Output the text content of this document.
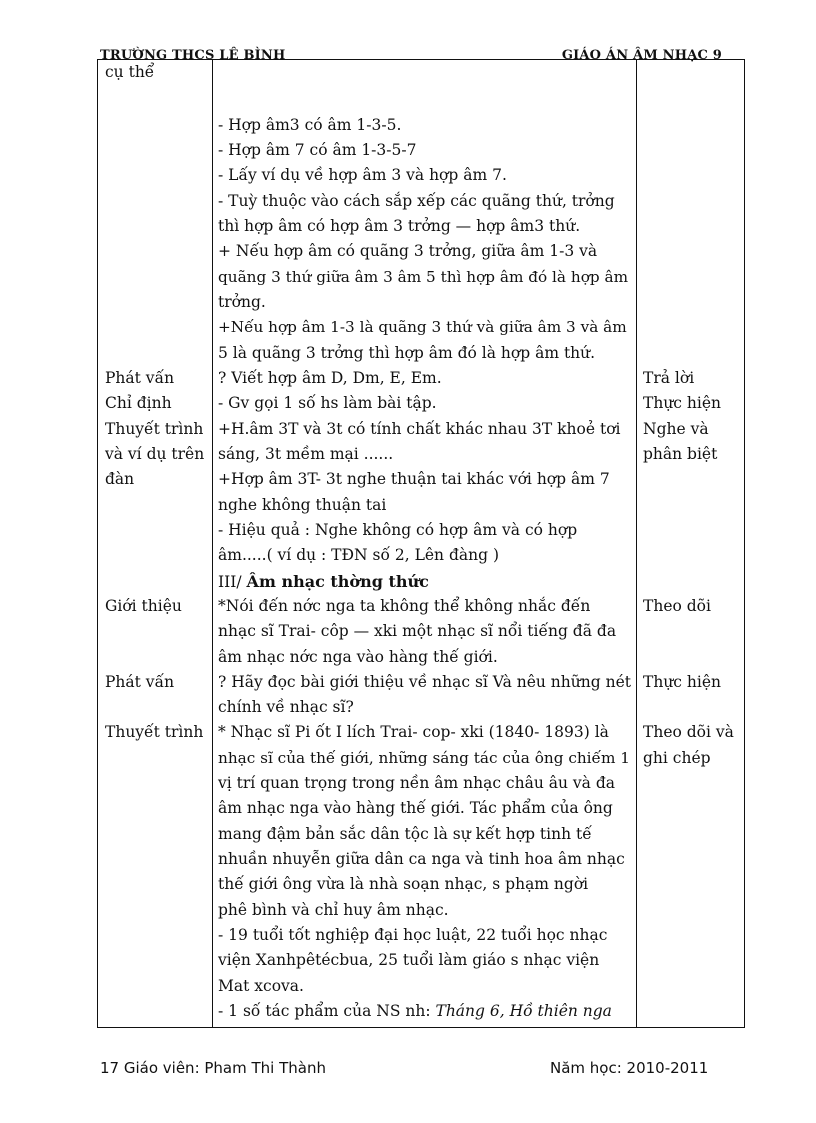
TRƯỜNG THCS LÊ BÌNH	GIÁO ÁN ÂM NHẠC 9
cụ thể
Phát vấn
Chỉ định
Thuyết trình
và ví dụ trên
đàn
Giới thiệu
Phát vấn
Thuyết trình
- Hợp âm3 có âm 1-3-5.
- Hợp âm 7 có âm 1-3-5-7
- Lấy ví dụ về hợp âm 3 và hợp âm 7.
- Tuỳ thuộc vào cách sắp xếp các quãng thứ, trởng
thì hợp âm có hợp âm 3 trởng — hợp âm3 thứ.
+ Nếu hợp âm có quãng 3 trởng, giữa âm 1-3 và
quãng 3 thứ giữa âm 3 âm 5 thì hợp âm đó là hợp âm
trởng.
+Nếu hợp âm 1-3 là quãng 3 thứ và giữa âm 3 và âm
5 là quãng 3 trởng thì hợp âm đó là hợp âm thứ.
? Viết hợp âm D, Dm, E, Em.
- Gv gọi 1 số hs làm bài tập.
+H.âm 3T và 3t có tính chất khác nhau 3T khoẻ tơi
sáng, 3t mềm mại ......
+Hợp âm 3T- 3t nghe thuận tai khác với hợp âm 7
nghe không thuận tai
- Hiệu quả : Nghe không có hợp âm và có hợp
âm.....( ví dụ : TĐN số 2, Lên đàng )
III/ Âm nhạc thờng thức
*Nói đến nớc nga ta không thể không nhắc đến
nhạc sĩ Trai- côp — xki một nhạc sĩ nổi tiếng đã đa
âm nhạc nớc nga vào hàng thế giới.
? Hãy đọc bài giới thiệu về nhạc sĩ Và nêu những nét
chính về nhạc sĩ?
* Nhạc sĩ Pi ốt I lích Trai- cop- xki (1840- 1893) là
nhạc sĩ của thế giới, những sáng tác của ông chiếm 1
vị trí quan trọng trong nền âm nhạc châu âu và đa
âm nhạc nga vào hàng thế giới. Tác phẩm của ông
mang đậm bản sắc dân tộc là sự kết hợp tinh tế
nhuần nhuyễn giữa dân ca nga và tinh hoa âm nhạc
thế giới ông vừa là nhà soạn nhạc, s phạm ngời
phê bình và chỉ huy âm nhạc.
- 19 tuổi tốt nghiệp đại học luật, 22 tuổi học nhạc
viện Xanhpêtécbua, 25 tuổi làm giáo s nhạc viện
Mat xcova.
- 1 số tác phẩm của NS nh: Tháng 6, Hồ thiên nga
Trả lời
Thực hiện
Nghe và
phân biệt
Theo dõi
Thực hiện
Theo dõi và
ghi chép
17 Giáo viên: Pham Thi Thành	Năm học: 2010-2011
